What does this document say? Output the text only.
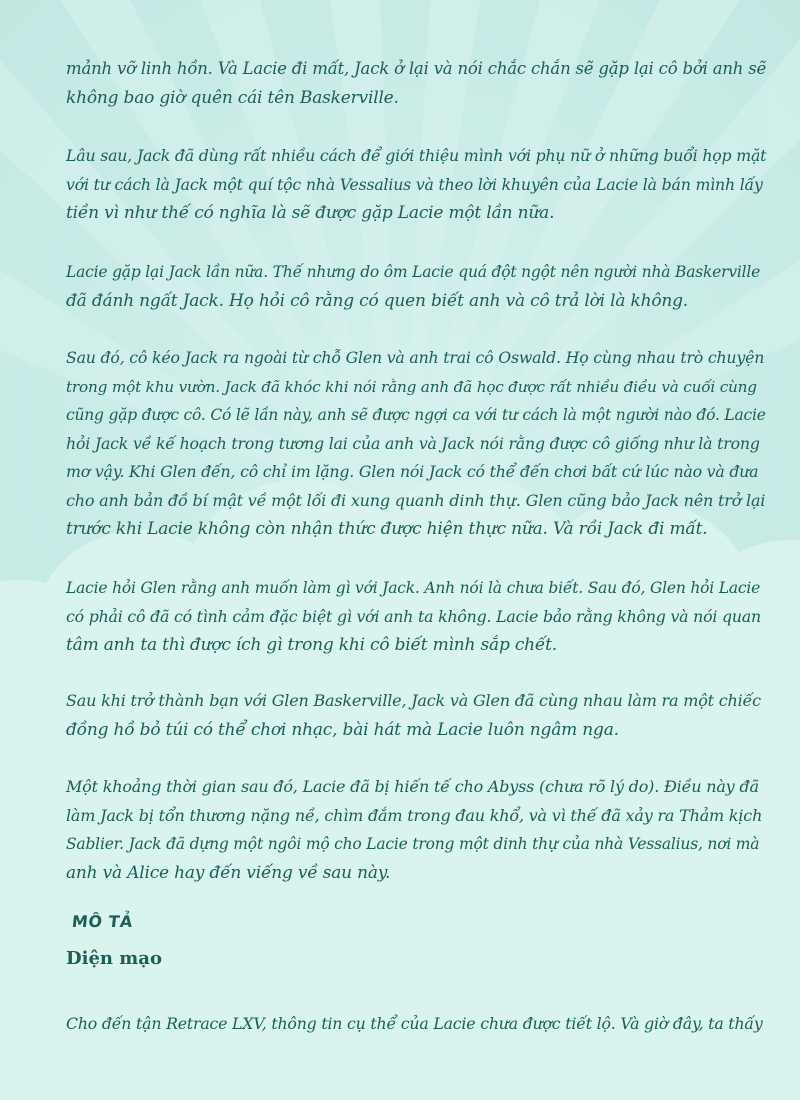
mảnh vỡ linh hồn. Và Lacie đi mất, Jack ở lại và nói chắc chắn sẽ gặp lại cô bởi anh sẽ
không bao giờ quên cái tên Baskerville.

Lâu sau, Jack đã dùng rất nhiều cách để giới thiệu mình với phụ nữ ở những buổi họp mặt
với tư cách là Jack một quí tộc nhà Vessalius và theo lời khuyên của Lacie là bán mình lấy
tiền vì như thế có nghĩa là sẽ được gặp Lacie một lần nữa.

Lacie gặp lại Jack lần nữa. Thế nhưng do ôm Lacie quá đột ngột nên người nhà Baskerville
đã đánh ngất Jack. Họ hỏi cô rằng có quen biết anh và cô trả lời là không.

Sau đó, cô kéo Jack ra ngoài từ chỗ Glen và anh trai cô Oswald. Họ cùng nhau trò chuyện
trong một khu vườn. Jack đã khóc khi nói rằng anh đã học được rất nhiều điều và cuối cùng
cũng gặp được cô. Có lẽ lần này, anh sẽ được ngợi ca với tư cách là một người nào đó. Lacie
hỏi Jack về kế hoạch trong tương lai của anh và Jack nói rằng được cô giống như là trong
mơ vậy. Khi Glen đến, cô chỉ im lặng. Glen nói Jack có thể đến chơi bất cứ lúc nào và đưa
cho anh bản đồ bí mật về một lối đi xung quanh dinh thự. Glen cũng bảo Jack nên trở lại
trước khi Lacie không còn nhận thức được hiện thực nữa. Và rồi Jack đi mất.

Lacie hỏi Glen rằng anh muốn làm gì với Jack. Anh nói là chưa biết. Sau đó, Glen hỏi Lacie
có phải cô đã có tình cảm đặc biệt gì với anh ta không. Lacie bảo rằng không và nói quan
tâm anh ta thì được ích gì trong khi cô biết mình sắp chết.

Sau khi trở thành bạn với Glen Baskerville, Jack và Glen đã cùng nhau làm ra một chiếc
đồng hồ bỏ túi có thể chơi nhạc, bài hát mà Lacie luôn ngâm nga.

Một khoảng thời gian sau đó, Lacie đã bị hiến tế cho Abyss (chưa rõ lý do). Điều này đã
làm Jack bị tổn thương nặng nề, chìm đắm trong đau khổ, và vì thế đã xảy ra Thảm kịch
Sablier. Jack đã dựng một ngôi mộ cho Lacie trong một dinh thự của nhà Vessalius, nơi mà
anh và Alice hay đến viếng về sau này.

MÔ TẢ
Diện mạo

Cho đến tận Retrace LXV, thông tin cụ thể của Lacie chưa được tiết lộ. Và giờ đây, ta thấy
